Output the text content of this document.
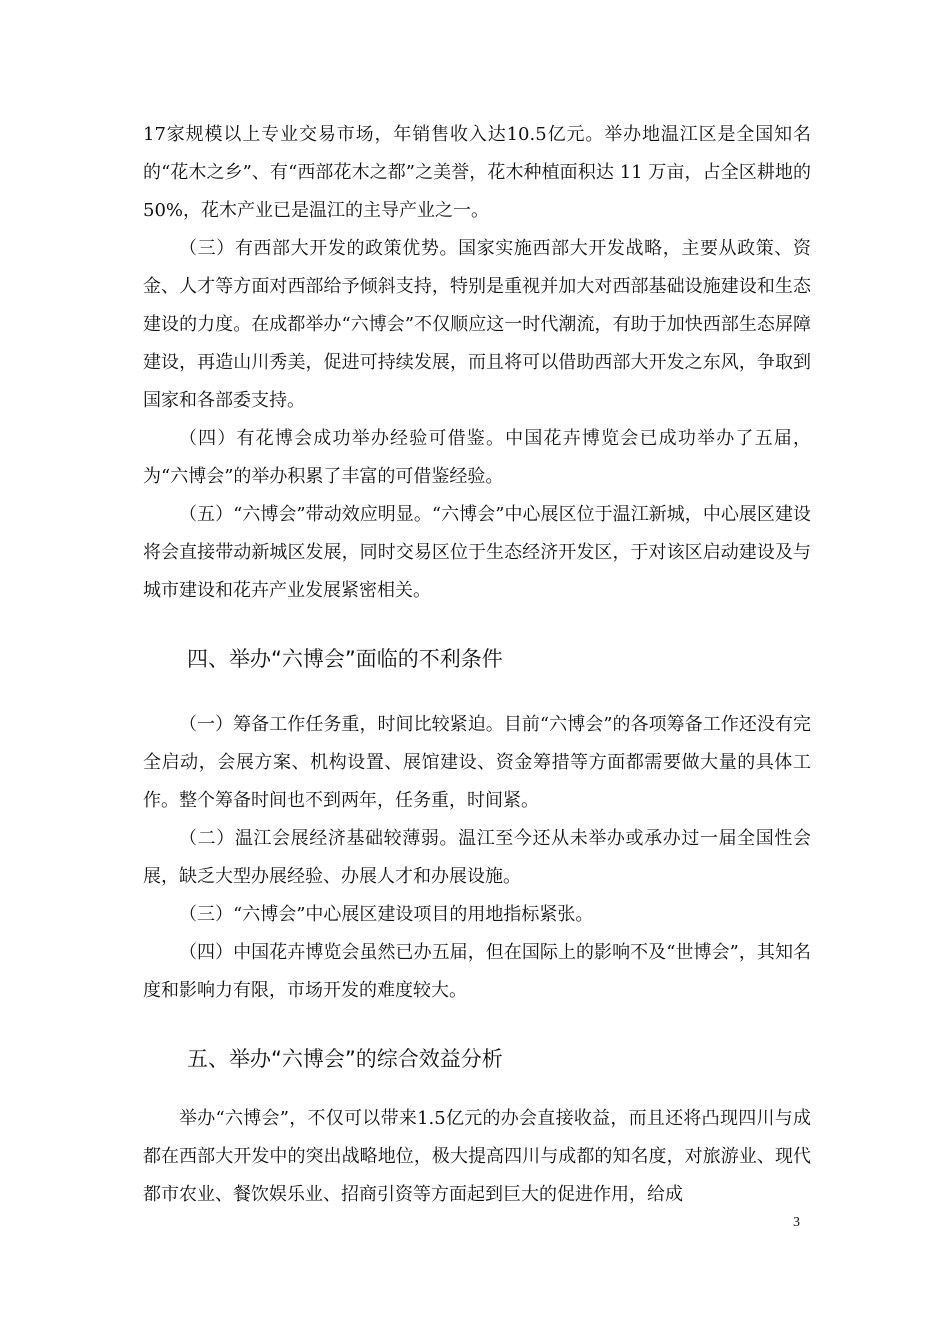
17家规模以上专业交易市场，年销售收入达10.5亿元。举办地温江区是全国知名的“花木之乡”、有“西部花木之都”之美誉，花木种植面积达 11 万亩，占全区耕地的50%，花木产业已是温江的主导产业之一。

（三）有西部大开发的政策优势。国家实施西部大开发战略，主要从政策、资金、人才等方面对西部给予倾斜支持，特别是重视并加大对西部基础设施建设和生态建设的力度。在成都举办“六博会”不仅顺应这一时代潮流，有助于加快西部生态屏障建设，再造山川秀美，促进可持续发展，而且将可以借助西部大开发之东风，争取到国家和各部委支持。

（四）有花博会成功举办经验可借鉴。中国花卉博览会已成功举办了五届，为“六博会”的举办积累了丰富的可借鉴经验。

（五）“六博会”带动效应明显。“六博会”中心展区位于温江新城，中心展区建设将会直接带动新城区发展，同时交易区位于生态经济开发区，于对该区启动建设及与城市建设和花卉产业发展紧密相关。

四、举办“六博会”面临的不利条件

（一）筹备工作任务重，时间比较紧迫。目前“六博会”的各项筹备工作还没有完全启动，会展方案、机构设置、展馆建设、资金筹措等方面都需要做大量的具体工作。整个筹备时间也不到两年，任务重，时间紧。

（二）温江会展经济基础较薄弱。温江至今还从未举办或承办过一届全国性会展，缺乏大型办展经验、办展人才和办展设施。

（三）“六博会”中心展区建设项目的用地指标紧张。

（四）中国花卉博览会虽然已办五届，但在国际上的影响不及“世博会”，其知名度和影响力有限，市场开发的难度较大。

五、举办“六博会”的综合效益分析

举办“六博会”，不仅可以带来1.5亿元的办会直接收益，而且还将凸现四川与成都在西部大开发中的突出战略地位，极大提高四川与成都的知名度，对旅游业、现代都市农业、餐饮娱乐业、招商引资等方面起到巨大的促进作用，给成

3
